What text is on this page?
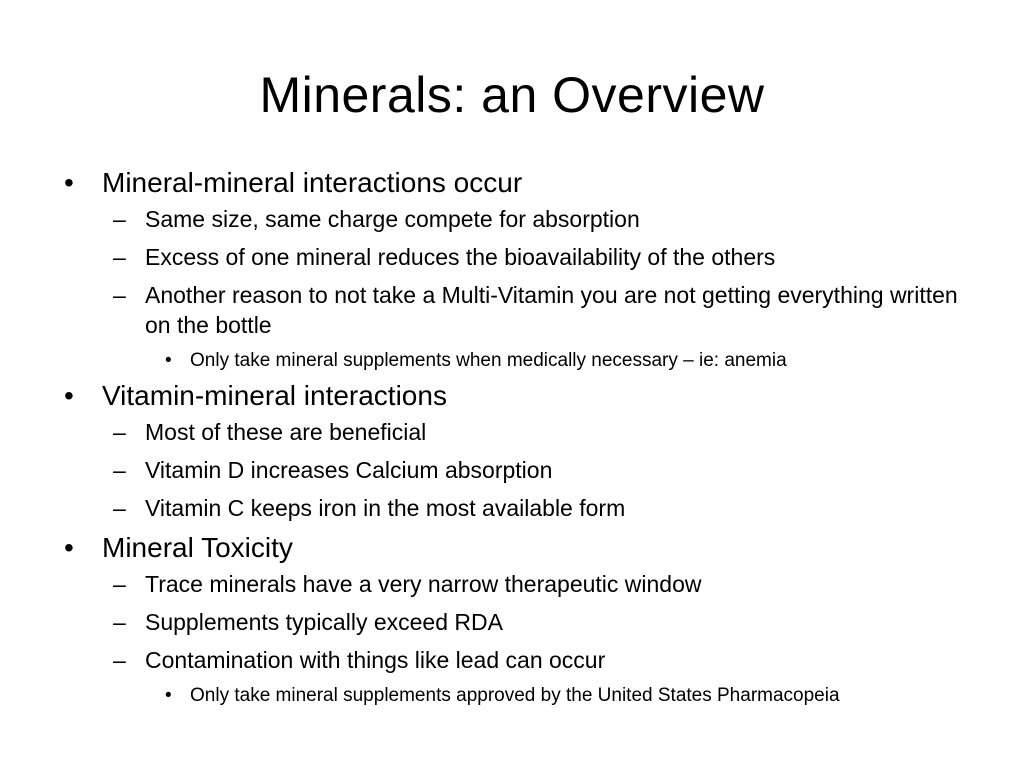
Minerals: an Overview
•	Mineral-mineral interactions occur
– Same size, same charge compete for absorption
– Excess of one mineral reduces the bioavailability of the others
– Another reason to not take a Multi-Vitamin you are not getting everything written on the bottle
• Only take mineral supplements when medically necessary – ie: anemia
•	Vitamin-mineral interactions
– Most of these are beneficial
– Vitamin D increases Calcium absorption
– Vitamin C keeps iron in the most available form
•	Mineral Toxicity
– Trace minerals have a very narrow therapeutic window
– Supplements typically exceed RDA
– Contamination with things like lead can occur
• Only take mineral supplements approved by the United States Pharmacopeia
